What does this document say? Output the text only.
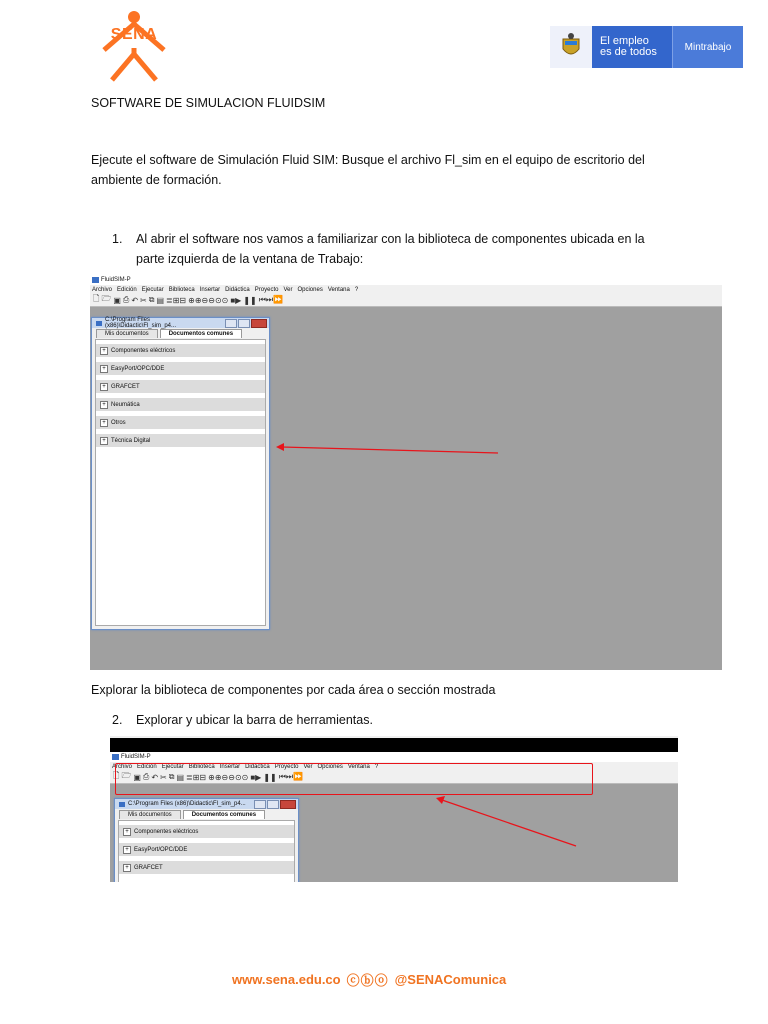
SENA	El empleo
es de todos	Mintrabajo
SOFTWARE DE SIMULACION FLUIDSIM
Ejecute el software de Simulación Fluid SIM: Busque el archivo Fl_sim en el equipo de escritorio del ambiente de formación.
1. Al abrir el software nos vamos a familiarizar con la biblioteca de componentes ubicada en la parte izquierda de la ventana de Trabajo:
FluidSIM-P
Archivo Edición Ejecutar Biblioteca Insertar Didáctica Proyecto Ver Opciones Ventana ?
🗋 🗁 ▣ ⎙ ↶ ✂ ⧉ ▤ ≣⊞⊟ ⊕⊕⊖⊖⊙⊙ ■▶ ❚❚ ⏮⏭⏩
C:\Program Files (x86)\Didactic\Fl_sim_p4...
Mis documentos	Documentos comunes
+ Componentes eléctricos
+ EasyPort/OPC/DDE
+ GRAFCET
+ Neumática
+ Otros
+ Técnica Digital
Explorar la biblioteca de componentes por cada área o sección mostrada
2. Explorar y ubicar la barra de herramientas.
FluidSIM-P
Archivo Edición Ejecutar Biblioteca Insertar Didáctica Proyecto Ver Opciones Ventana ?
🗋 🗁 ▣ ⎙ ↶ ✂ ⧉ ▤ ≣⊞⊟ ⊕⊕⊖⊖⊙⊙ ■▶ ❚❚ ⏮⏭⏩
C:\Program Files (x86)\Didactic\Fl_sim_p4...
Mis documentos	Documentos comunes
+ Componentes eléctricos
+ EasyPort/OPC/DDE
+ GRAFCET
www.sena.edu.co ⓒⓑⓞ @SENAComunica
